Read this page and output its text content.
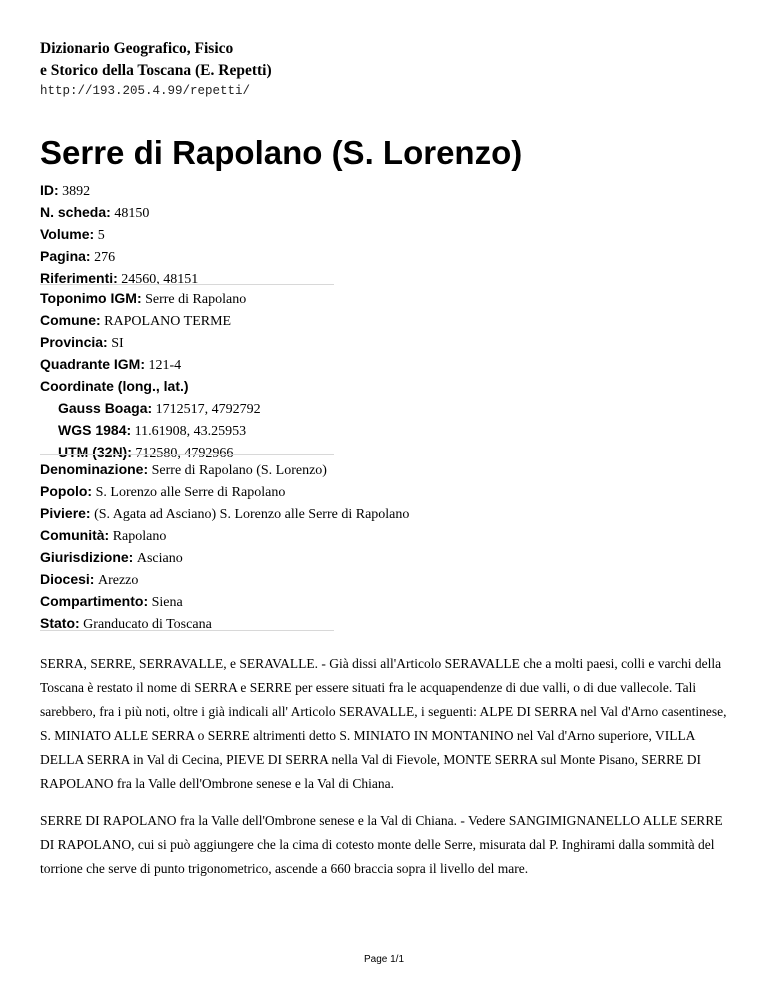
Dizionario Geografico, Fisico
e Storico della Toscana (E. Repetti)
http://193.205.4.99/repetti/
Serre di Rapolano (S. Lorenzo)
ID: 3892
N. scheda: 48150
Volume: 5
Pagina: 276
Riferimenti: 24560, 48151
Toponimo IGM: Serre di Rapolano
Comune: RAPOLANO TERME
Provincia: SI
Quadrante IGM: 121-4
Coordinate (long., lat.)
Gauss Boaga: 1712517, 4792792
WGS 1984: 11.61908, 43.25953
UTM (32N): 712580, 4792966
Denominazione: Serre di Rapolano (S. Lorenzo)
Popolo: S. Lorenzo alle Serre di Rapolano
Piviere: (S. Agata ad Asciano) S. Lorenzo alle Serre di Rapolano
Comunità: Rapolano
Giurisdizione: Asciano
Diocesi: Arezzo
Compartimento: Siena
Stato: Granducato di Toscana

SERRA, SERRE, SERRAVALLE, e SERAVALLE. - Già dissi all'Articolo SERAVALLE che a molti paesi, colli e varchi della Toscana è restato il nome di SERRA e SERRE per essere situati fra le acquapendenze di due valli, o di due vallecole. Tali sarebbero, fra i più noti, oltre i già indicali all' Articolo SERAVALLE, i seguenti: ALPE DI SERRA nel Val d'Arno casentinese, S. MINIATO ALLE SERRA o SERRE altrimenti detto S. MINIATO IN MONTANINO nel Val d'Arno superiore, VILLA DELLA SERRA in Val di Cecina, PIEVE DI SERRA nella Val di Fievole, MONTE SERRA sul Monte Pisano, SERRE DI RAPOLANO fra la Valle dell'Ombrone senese e la Val di Chiana.

SERRE DI RAPOLANO fra la Valle dell'Ombrone senese e la Val di Chiana. - Vedere SANGIMIGNANELLO ALLE SERRE DI RAPOLANO, cui si può aggiungere che la cima di cotesto monte delle Serre, misurata dal P. Inghirami dalla sommità del torrione che serve di punto trigonometrico, ascende a 660 braccia sopra il livello del mare.

Page 1/1
